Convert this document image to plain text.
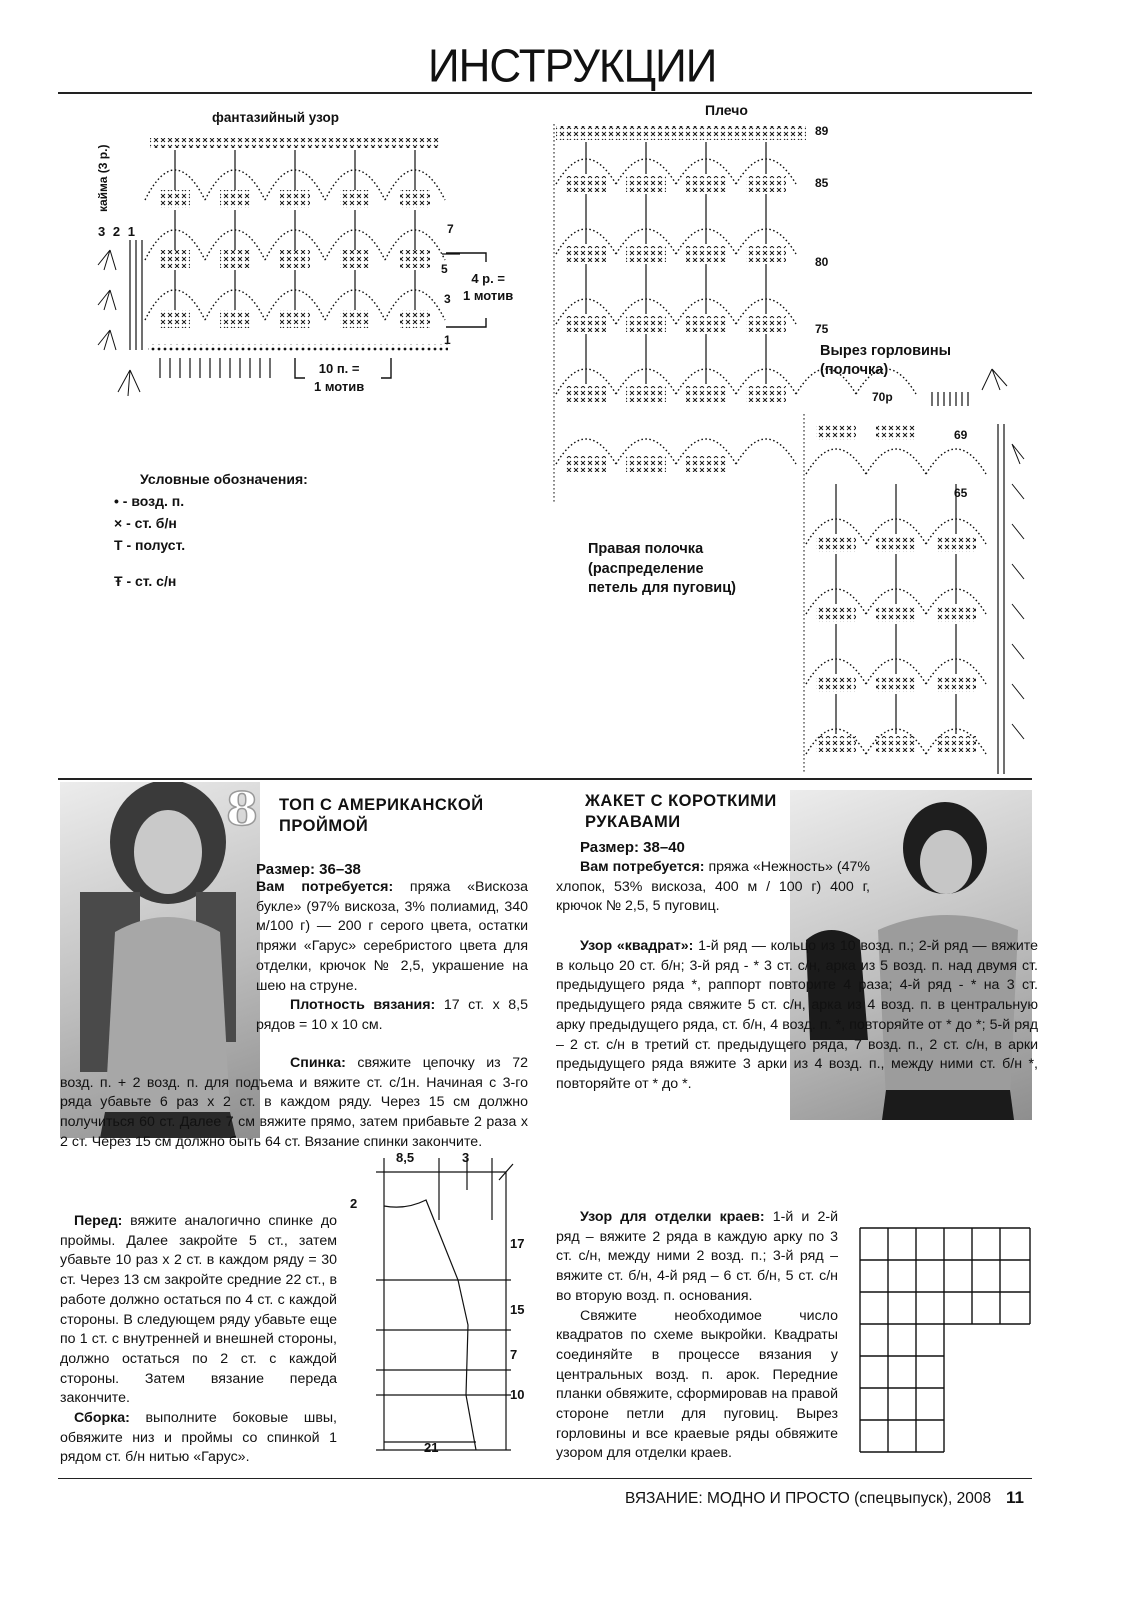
ИНСТРУКЦИИ
фантазийный узор
кайма (3 р.)
3 2 1	7
5
3
1
4 р. =
1 мотив
10 п. =
1 мотив
Условные обозначения:
• - возд. п.
× - ст. б/н
Т - полуст.
Ŧ - ст. с/н
Плечо
89
85
80
75
Вырез горловины
(полочка)
70р
69
65
Правая полочка
(распределение
петель для пуговиц)
8 ТОП С АМЕРИКАНСКОЙ
ПРОЙМОЙ
Размер: 36–38

Вам потребуется: пряжа «Вискоза букле» (97% вискоза, 3% полиамид, 340 м/100 г) — 200 г серого цвета, остатки пряжи «Гарус» серебристого цвета для отделки, крючок № 2,5, украшение на шею на струне.

Плотность вязания: 17 ст. х 8,5 рядов = 10 х 10 см.

Спинка: свяжите цепочку из 72 возд. п. + 2 возд. п. для подъема и вяжите ст. с/1н. Начиная с 3-го ряда убавьте 6 раз х 2 ст. в каждом ряду. Через 15 см должно получиться 60 ст. Далее 7 см вяжите прямо, затем прибавьте 2 раза х 2 ст. Через 15 см должно быть 64 ст. Вязание спинки закончите.

Перед: вяжите аналогично спинке до проймы. Далее закройте 5 ст., затем убавьте 10 раз х 2 ст. в каждом ряду = 30 ст. Через 13 см закройте средние 22 ст., в работе должно остаться по 4 ст. с каждой стороны. В следующем ряду убавьте еще по 1 ст. с внутренней и внешней стороны, должно остаться по 2 ст. с каждой стороны. Затем вязание переда закончите.

Сборка: выполните боковые швы, обвяжите низ и проймы со спинкой 1 рядом ст. б/н нитью «Гарус».

8,5	3
2
17
15
7
10
21
ЖАКЕТ С КОРОТКИМИ
РУКАВАМИ
Размер: 38–40

Вам потребуется: пряжа «Нежность» (47% хлопок, 53% вискоза, 400 м / 100 г) 400 г, крючок № 2,5, 5 пуговиц.

Узор «квадрат»: 1-й ряд — кольцо из 10 возд. п.; 2-й ряд — вяжите в кольцо 20 ст. б/н; 3-й ряд - * 3 ст. с/н, арка из 5 возд. п. над двумя ст. предыдущего ряда *, раппорт повторите 4 раза; 4-й ряд - * на 3 ст. предыдущего ряда свяжите 5 ст. с/н, арка из 4 возд. п. в центральную арку предыдущего ряда, ст. б/н, 4 возд. п. *, повторяйте от * до *; 5-й ряд – 2 ст. с/н в третий ст. предыдущего ряда, 7 возд. п., 2 ст. с/н, в арки предыдущего ряда вяжите 3 арки из 4 возд. п., между ними ст. б/н *, повторяйте от * до *.

Узор для отделки краев: 1-й и 2-й ряд – вяжите 2 ряда в каждую арку по 3 ст. с/н, между ними 2 возд. п.; 3-й ряд – вяжите ст. б/н, 4-й ряд – 6 ст. б/н, 5 ст. с/н во вторую возд. п. основания.

Свяжите необходимое число квадратов по схеме выкройки. Квадраты соединяйте в процессе вязания у центральных возд. п. арок. Передние планки обвяжите, сформировав на правой стороне петли для пуговиц. Вырез горловины и все краевые ряды обвяжите узором для отделки краев.

ВЯЗАНИЕ: МОДНО И ПРОСТО (спецвыпуск), 2008 11
